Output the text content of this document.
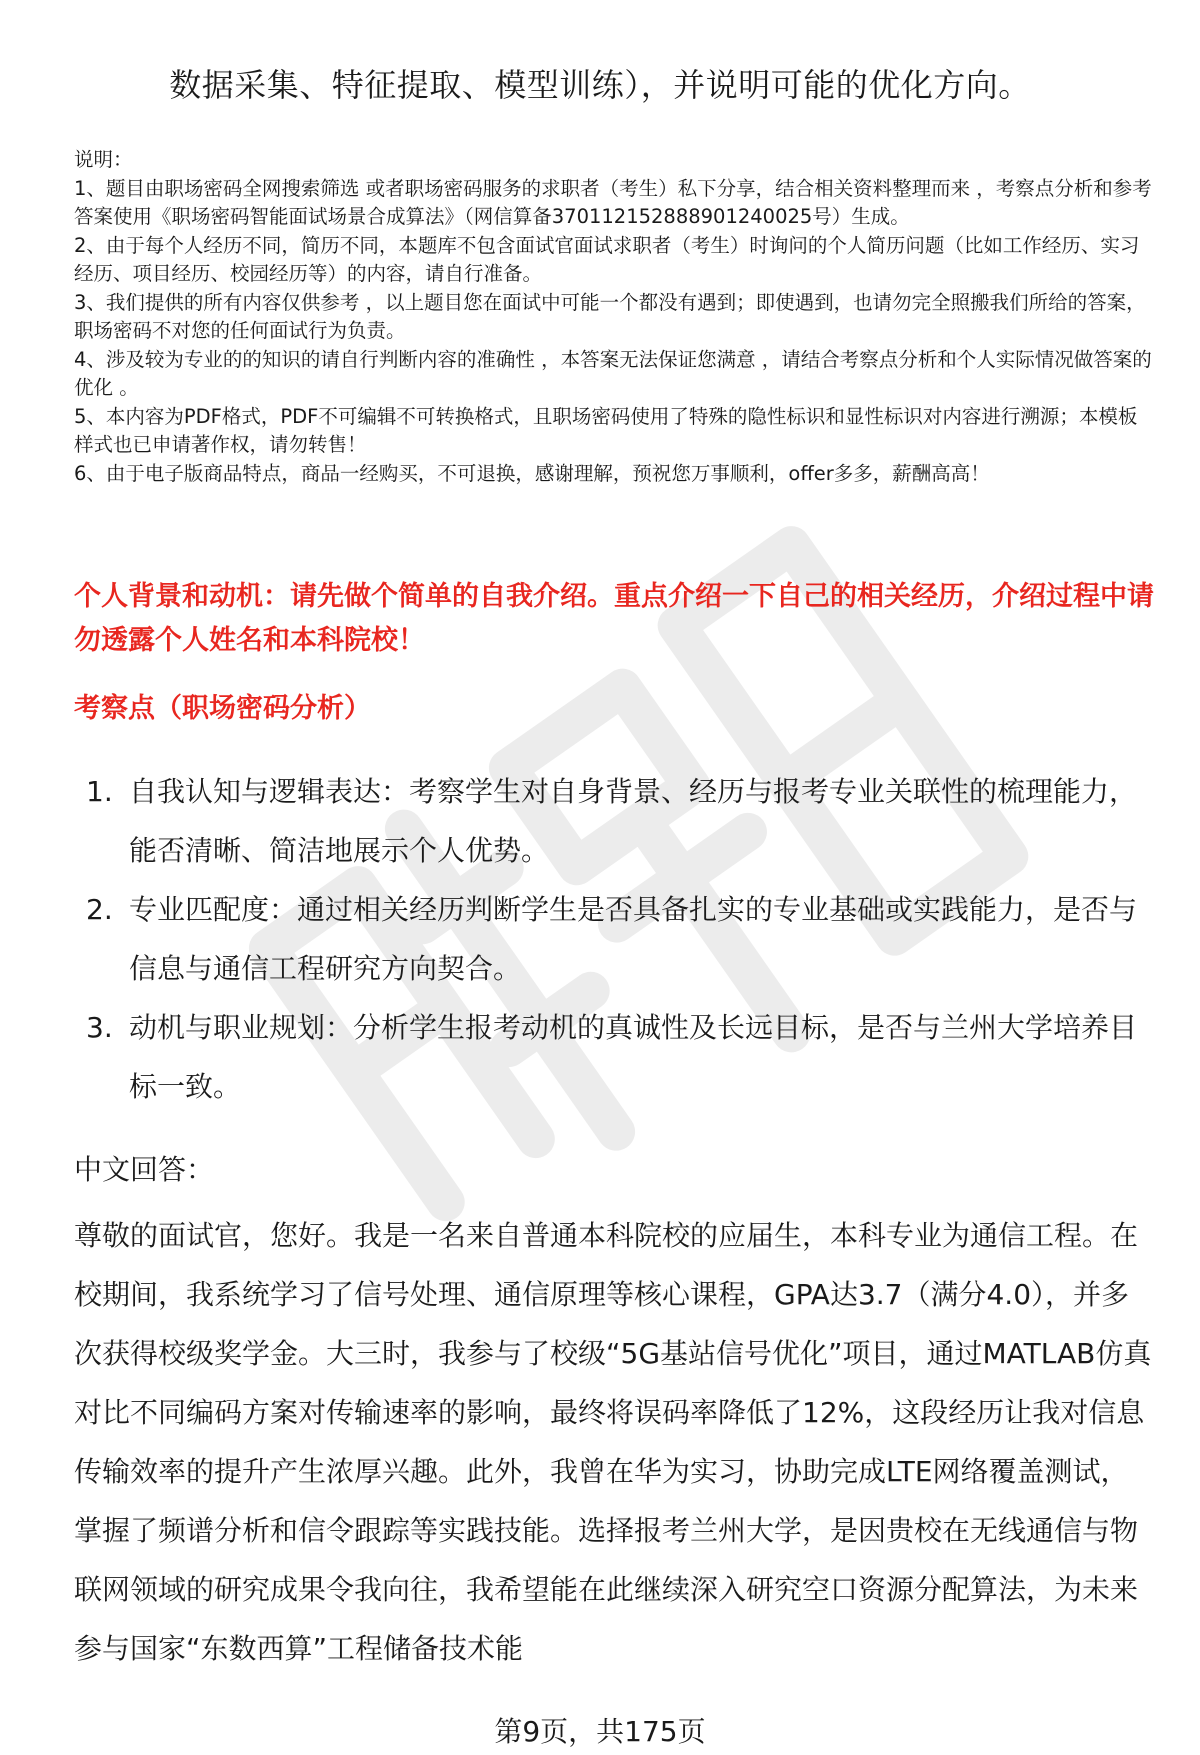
数据采集、特征提取、模型训练），并说明可能的优化方向。
说明：
1、题目由职场密码全网搜索筛选 或者职场密码服务的求职者（考生）私下分享，结合相关资料整理而来 ，考察点分析和参考答案使用《职场密码智能面试场景合成算法》（网信算备370112152888901240025号）生成。
2、由于每个人经历不同，简历不同，本题库不包含面试官面试求职者（考生）时询问的个人简历问题（比如工作经历、实习经历、项目经历、校园经历等）的内容，请自行准备。
3、我们提供的所有内容仅供参考 ，以上题目您在面试中可能一个都没有遇到；即使遇到，也请勿完全照搬我们所给的答案，职场密码不对您的任何面试行为负责。
4、涉及较为专业的的知识的请自行判断内容的准确性 ，本答案无法保证您满意 ，请结合考察点分析和个人实际情况做答案的优化 。
5、本内容为PDF格式，PDF不可编辑不可转换格式，且职场密码使用了特殊的隐性标识和显性标识对内容进行溯源；本模板样式也已申请著作权，请勿转售！
6、由于电子版商品特点，商品一经购买，不可退换，感谢理解，预祝您万事顺利，offer多多，薪酬高高！
个人背景和动机：请先做个简单的自我介绍。重点介绍一下自己的相关经历，介绍过程中请勿透露个人姓名和本科院校！
考察点（职场密码分析）
1. 自我认知与逻辑表达：考察学生对自身背景、经历与报考专业关联性的梳理能力，能否清晰、简洁地展示个人优势。
2. 专业匹配度：通过相关经历判断学生是否具备扎实的专业基础或实践能力，是否与信息与通信工程研究方向契合。
3. 动机与职业规划：分析学生报考动机的真诚性及长远目标，是否与兰州大学培养目标一致。
中文回答：
尊敬的面试官，您好。我是一名来自普通本科院校的应届生，本科专业为通信工程。在校期间，我系统学习了信号处理、通信原理等核心课程，GPA达3.7（满分4.0），并多次获得校级奖学金。大三时，我参与了校级“5G基站信号优化”项目，通过MATLAB仿真对比不同编码方案对传输速率的影响，最终将误码率降低了12%，这段经历让我对信息传输效率的提升产生浓厚兴趣。此外，我曾在华为实习，协助完成LTE网络覆盖测试，掌握了频谱分析和信令跟踪等实践技能。选择报考兰州大学，是因贵校在无线通信与物联网领域的研究成果令我向往，我希望能在此继续深入研究空口资源分配算法，为未来参与国家“东数西算”工程储备技术能
第9页，共175页
